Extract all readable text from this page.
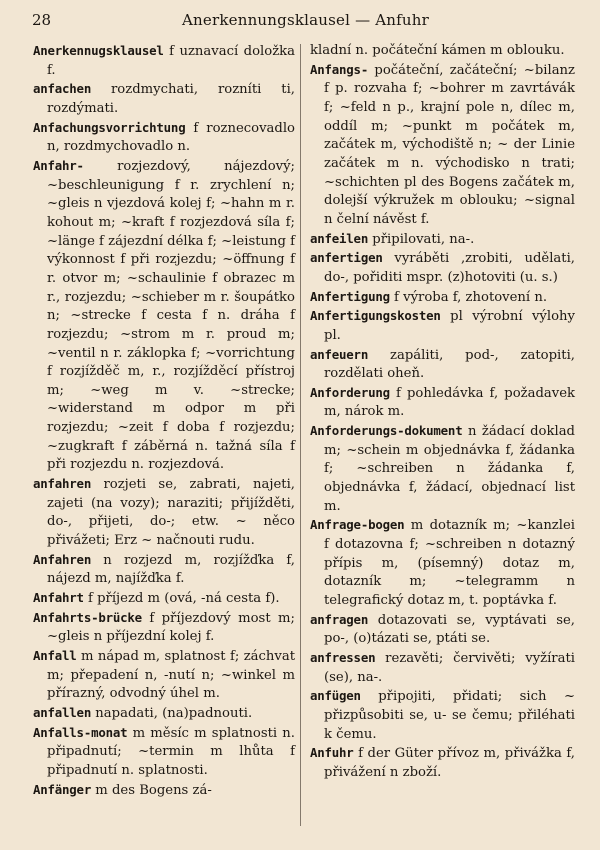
28	Anerkennungsklausel — Anfuhr

Anerkennugsklausel f uznavací doložka f.

anfachen rozdmychati, rozníti ti, rozdýmati.

Anfachungsvorrichtung f roznecovadlo n, rozdmychovadlo n.

Anfahr- rozjezdový, nájezdový; ~beschleunigung f r. zrychlení n; ~gleis n vjezdová kolej f; ~hahn m r. kohout m; ~kraft f rozjezdová síla f; ~länge f zájezdní délka f; ~leistung f výkonnost f při rozjezdu; ~öffnung f r. otvor m; ~schaulinie f obrazec m r., rozjezdu; ~schieber m r. šoupátko n; ~strecke f cesta f n. dráha f rozjezdu; ~strom m r. proud m; ~ventil n r. záklopka f; ~vorrichtung f rozjížděč m, r., rozjížděcí přístroj m; ~weg m v. ~strecke; ~widerstand m odpor m při rozjezdu; ~zeit f doba f rozjezdu; ~zugkraft f záběrná n. tažná síla f při rozjezdu n. rozjezdová.

anfahren rozjeti se, zabrati, najeti, zajeti (na vozy); naraziti; přijížděti, do-, přijeti, do-; etw. ~ něco přivážeti; Erz ~ načnouti rudu.

Anfahren n rozjezd m, rozjížďka f, nájezd m, najížďka f.

Anfahrt f příjezd m (ová, -ná cesta f).

Anfahrts-brücke f příjezdový most m; ~gleis n příjezdní kolej f.

Anfall m nápad m, splatnost f; záchvat m; přepadení n, -nutí n; ~winkel m přírazný, odvodný úhel m.

anfallen napadati, (na)padnouti.

Anfalls-monat m měsíc m splatnosti n. připadnutí; ~termin m lhůta f připadnutí n. splatnosti.

Anfänger m des Bogens zá-

kladní n. počáteční kámen m oblouku.

Anfangs- počáteční, začáteční; ~bilanz f p. rozvaha f; ~bohrer m zavrtávák f; ~feld n p., krajní pole n, dílec m, oddíl m; ~punkt m počátek m, začátek m, východiště n; ~ der Linie začátek m n. východisko n trati; ~schichten pl des Bogens začátek m, dolejší výkružek m oblouku; ~signal n čelní návěst f.

anfeilen připilovati, na-.

anfertigen vyráběti ,zrobiti, udělati, do-, pořiditi mspr. (z)hotoviti (u. s.)

Anfertigung f výroba f, zhotovení n.

Anfertigungskosten pl výrobní výlohy pl.

anfeuern zapáliti, pod-, zatopiti, rozdělati oheň.

Anforderung f pohledávka f, požadavek m, nárok m.

Anforderungs-dokument n žádací doklad m; ~schein m objednávka f, žádanka f; ~schreiben n žádanka f, objednávka f, žádací, objednací list m.

Anfrage-bogen m dotazník m; ~kanzlei f dotazovna f; ~schreiben n dotazný přípis m, (písemný) dotaz m, dotazník m; ~telegramm n telegrafický dotaz m, t. poptávka f.

anfragen dotazovati se, vyptávati se, po-, (o)tázati se, ptáti se.

anfressen rezavěti; červivěti; vyžírati (se), na-.

anfügen připojiti, přidati; sich ~ přizpůsobiti se, u- se čemu; přiléhati k čemu.

Anfuhr f der Güter přívoz m, přivážka f, přivážení n zboží.
